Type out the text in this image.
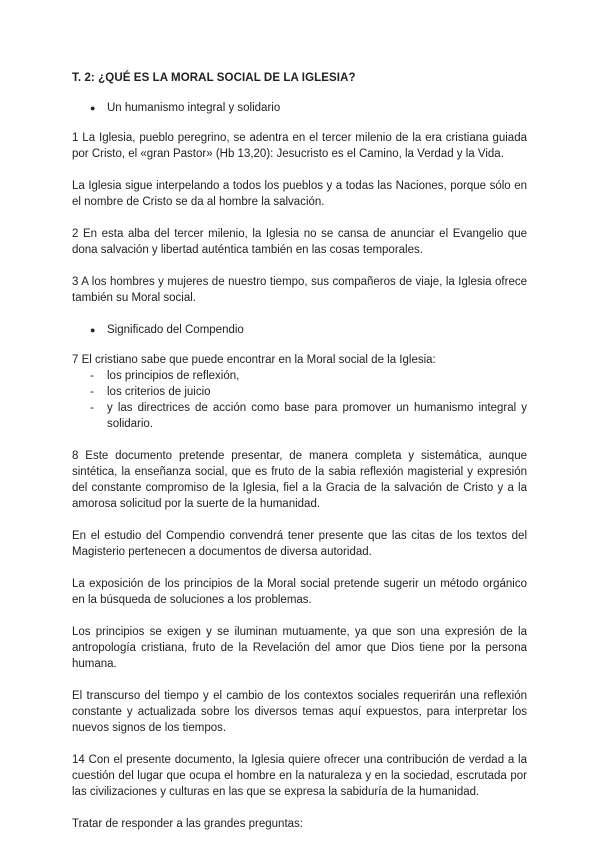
T. 2: ¿QUÉ ES LA MORAL SOCIAL DE LA IGLESIA?
●	Un humanismo integral y solidario

1 La Iglesia, pueblo peregrino, se adentra en el tercer milenio de la era cristiana guiada por Cristo, el «gran Pastor» (Hb 13,20): Jesucristo es el Camino, la Verdad y la Vida.

La Iglesia sigue interpelando a todos los pueblos y a todas las Naciones, porque sólo en el nombre de Cristo se da al hombre la salvación.

2 En esta alba del tercer milenio, la Iglesia no se cansa de anunciar el Evangelio que dona salvación y libertad auténtica también en las cosas temporales.

3 A los hombres y mujeres de nuestro tiempo, sus compañeros de viaje, la Iglesia ofrece también su Moral social.

●	Significado del Compendio

7 El cristiano sabe que puede encontrar en la Moral social de la Iglesia:

-	los principios de reflexión,
-	los criterios de juicio
-	y las directrices de acción como base para promover un humanismo integral y solidario.

8 Este documento pretende presentar, de manera completa y sistemática, aunque sintética, la enseñanza social, que es fruto de la sabia reflexión magisterial y expresión del constante compromiso de la Iglesia, fiel a la Gracia de la salvación de Cristo y a la amorosa solicitud por la suerte de la humanidad.

En el estudio del Compendio convendrá tener presente que las citas de los textos del Magisterio pertenecen a documentos de diversa autoridad.

La exposición de los principios de la Moral social pretende sugerir un método orgánico en la búsqueda de soluciones a los problemas.

Los principios se exigen y se iluminan mutuamente, ya que son una expresión de la antropología cristiana, fruto de la Revelación del amor que Dios tiene por la persona humana.

El transcurso del tiempo y el cambio de los contextos sociales requerirán una reflexión constante y actualizada sobre los diversos temas aquí expuestos, para interpretar los nuevos signos de los tiempos.

14 Con el presente documento, la Iglesia quiere ofrecer una contribución de verdad a la cuestión del lugar que ocupa el hombre en la naturaleza y en la sociedad, escrutada por las civilizaciones y culturas en las que se expresa la sabiduría de la humanidad.

Tratar de responder a las grandes preguntas:
